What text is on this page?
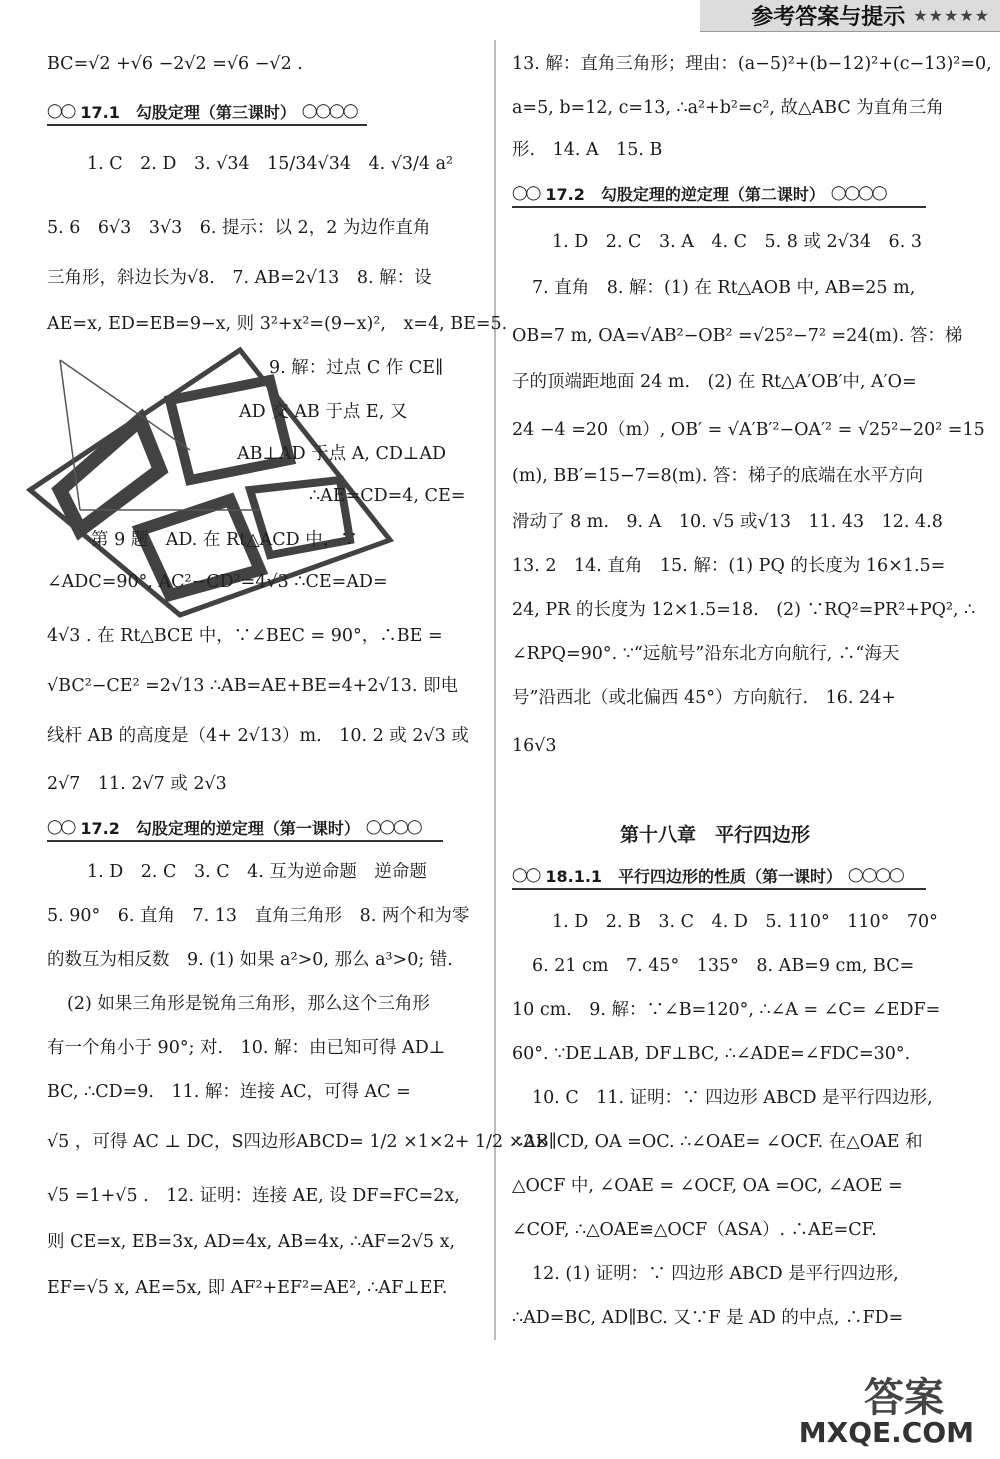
参考答案与提示 ★★★★★
BC=√2 +√6 −2√2 =√6 −√2 .
◯◯ 17.1　勾股定理（第三课时） ◯◯◯◯
1. C　2. D　3. √34　15/34√34　4. √3/4 a²
5. 6　6√3　3√3　6. 提示：以 2，2 为边作直角
三角形，斜边长为√8.　7. AB=2√13　8. 解：设
AE=x, ED=EB=9−x, 则 3²+x²=(9−x)²,　x=4, BE=5.
9. 解：过点 C 作 CE∥
AD 交 AB 于点 E, 又
AB⊥AD 于点 A, CD⊥AD
∴AE=CD=4, CE=
第 9 题　AD. 在 Rt△ACD 中，∵
∠ADC=90°, AC²−CD²=4√3 ∴CE=AD=
4√3 . 在 Rt△BCE 中，∵∠BEC = 90°，∴BE =
√BC²−CE² =2√13 ∴AB=AE+BE=4+2√13. 即电
线杆 AB 的高度是（4+ 2√13）m.　10. 2 或 2√3 或
2√7　11. 2√7 或 2√3
◯◯ 17.2　勾股定理的逆定理（第一课时） ◯◯◯◯
1. D　2. C　3. C　4. 互为逆命题　逆命题
5. 90°　6. 直角　7. 13　直角三角形　8. 两个和为零
的数互为相反数　9. (1) 如果 a²>0, 那么 a³>0; 错.
(2) 如果三角形是锐角三角形，那么这个三角形
有一个角小于 90°; 对.　10. 解：由已知可得 AD⊥
BC, ∴CD=9.　11. 解：连接 AC，可得 AC =
√5 ，可得 AC ⊥ DC，S四边形ABCD= 1/2 ×1×2+ 1/2 ×2×
√5 =1+√5 .　12. 证明：连接 AE, 设 DF=FC=2x,
则 CE=x, EB=3x, AD=4x, AB=4x, ∴AF=2√5 x,
EF=√5 x, AE=5x, 即 AF²+EF²=AE², ∴AF⊥EF.
13. 解：直角三角形；理由：(a−5)²+(b−12)²+(c−13)²=0,
a=5, b=12, c=13, ∴a²+b²=c², 故△ABC 为直角三角
形.　14. A　15. B
◯◯ 17.2　勾股定理的逆定理（第二课时） ◯◯◯◯
1. D　2. C　3. A　4. C　5. 8 或 2√34　6. 3
7. 直角　8. 解：(1) 在 Rt△AOB 中, AB=25 m,
OB=7 m, OA=√AB²−OB² =√25²−7² =24(m). 答：梯
子的顶端距地面 24 m.　(2) 在 Rt△A′OB′中, A′O=
24 −4 =20（m）, OB′ = √A′B′²−OA′² = √25²−20² =15
(m), BB′=15−7=8(m). 答：梯子的底端在水平方向
滑动了 8 m.　9. A　10. √5 或√13　11. 43　12. 4.8
13. 2　14. 直角　15. 解：(1) PQ 的长度为 16×1.5=
24, PR 的长度为 12×1.5=18.　(2) ∵RQ²=PR²+PQ², ∴
∠RPQ=90°. ∵“远航号”沿东北方向航行, ∴“海天
号”沿西北（或北偏西 45°）方向航行.　16. 24+
16√3
第十八章　平行四边形
◯◯ 18.1.1　平行四边形的性质（第一课时） ◯◯◯◯
1. D　2. B　3. C　4. D　5. 110°　110°　70°
6. 21 cm　7. 45°　135°　8. AB=9 cm, BC=
10 cm.　9. 解：∵∠B=120°, ∴∠A = ∠C= ∠EDF=
60°. ∵DE⊥AB, DF⊥BC, ∴∠ADE=∠FDC=30°.
10. C　11. 证明：∵ 四边形 ABCD 是平行四边形,
∴AB∥CD, OA =OC. ∴∠OAE= ∠OCF. 在△OAE 和
△OCF 中, ∠OAE = ∠OCF, OA =OC, ∠AOE =
∠COF, ∴△OAE≌△OCF（ASA）. ∴AE=CF.
12. (1) 证明：∵ 四边形 ABCD 是平行四边形,
∴AD=BC, AD∥BC. 又∵F 是 AD 的中点, ∴FD=
答案
MXQE.COM
